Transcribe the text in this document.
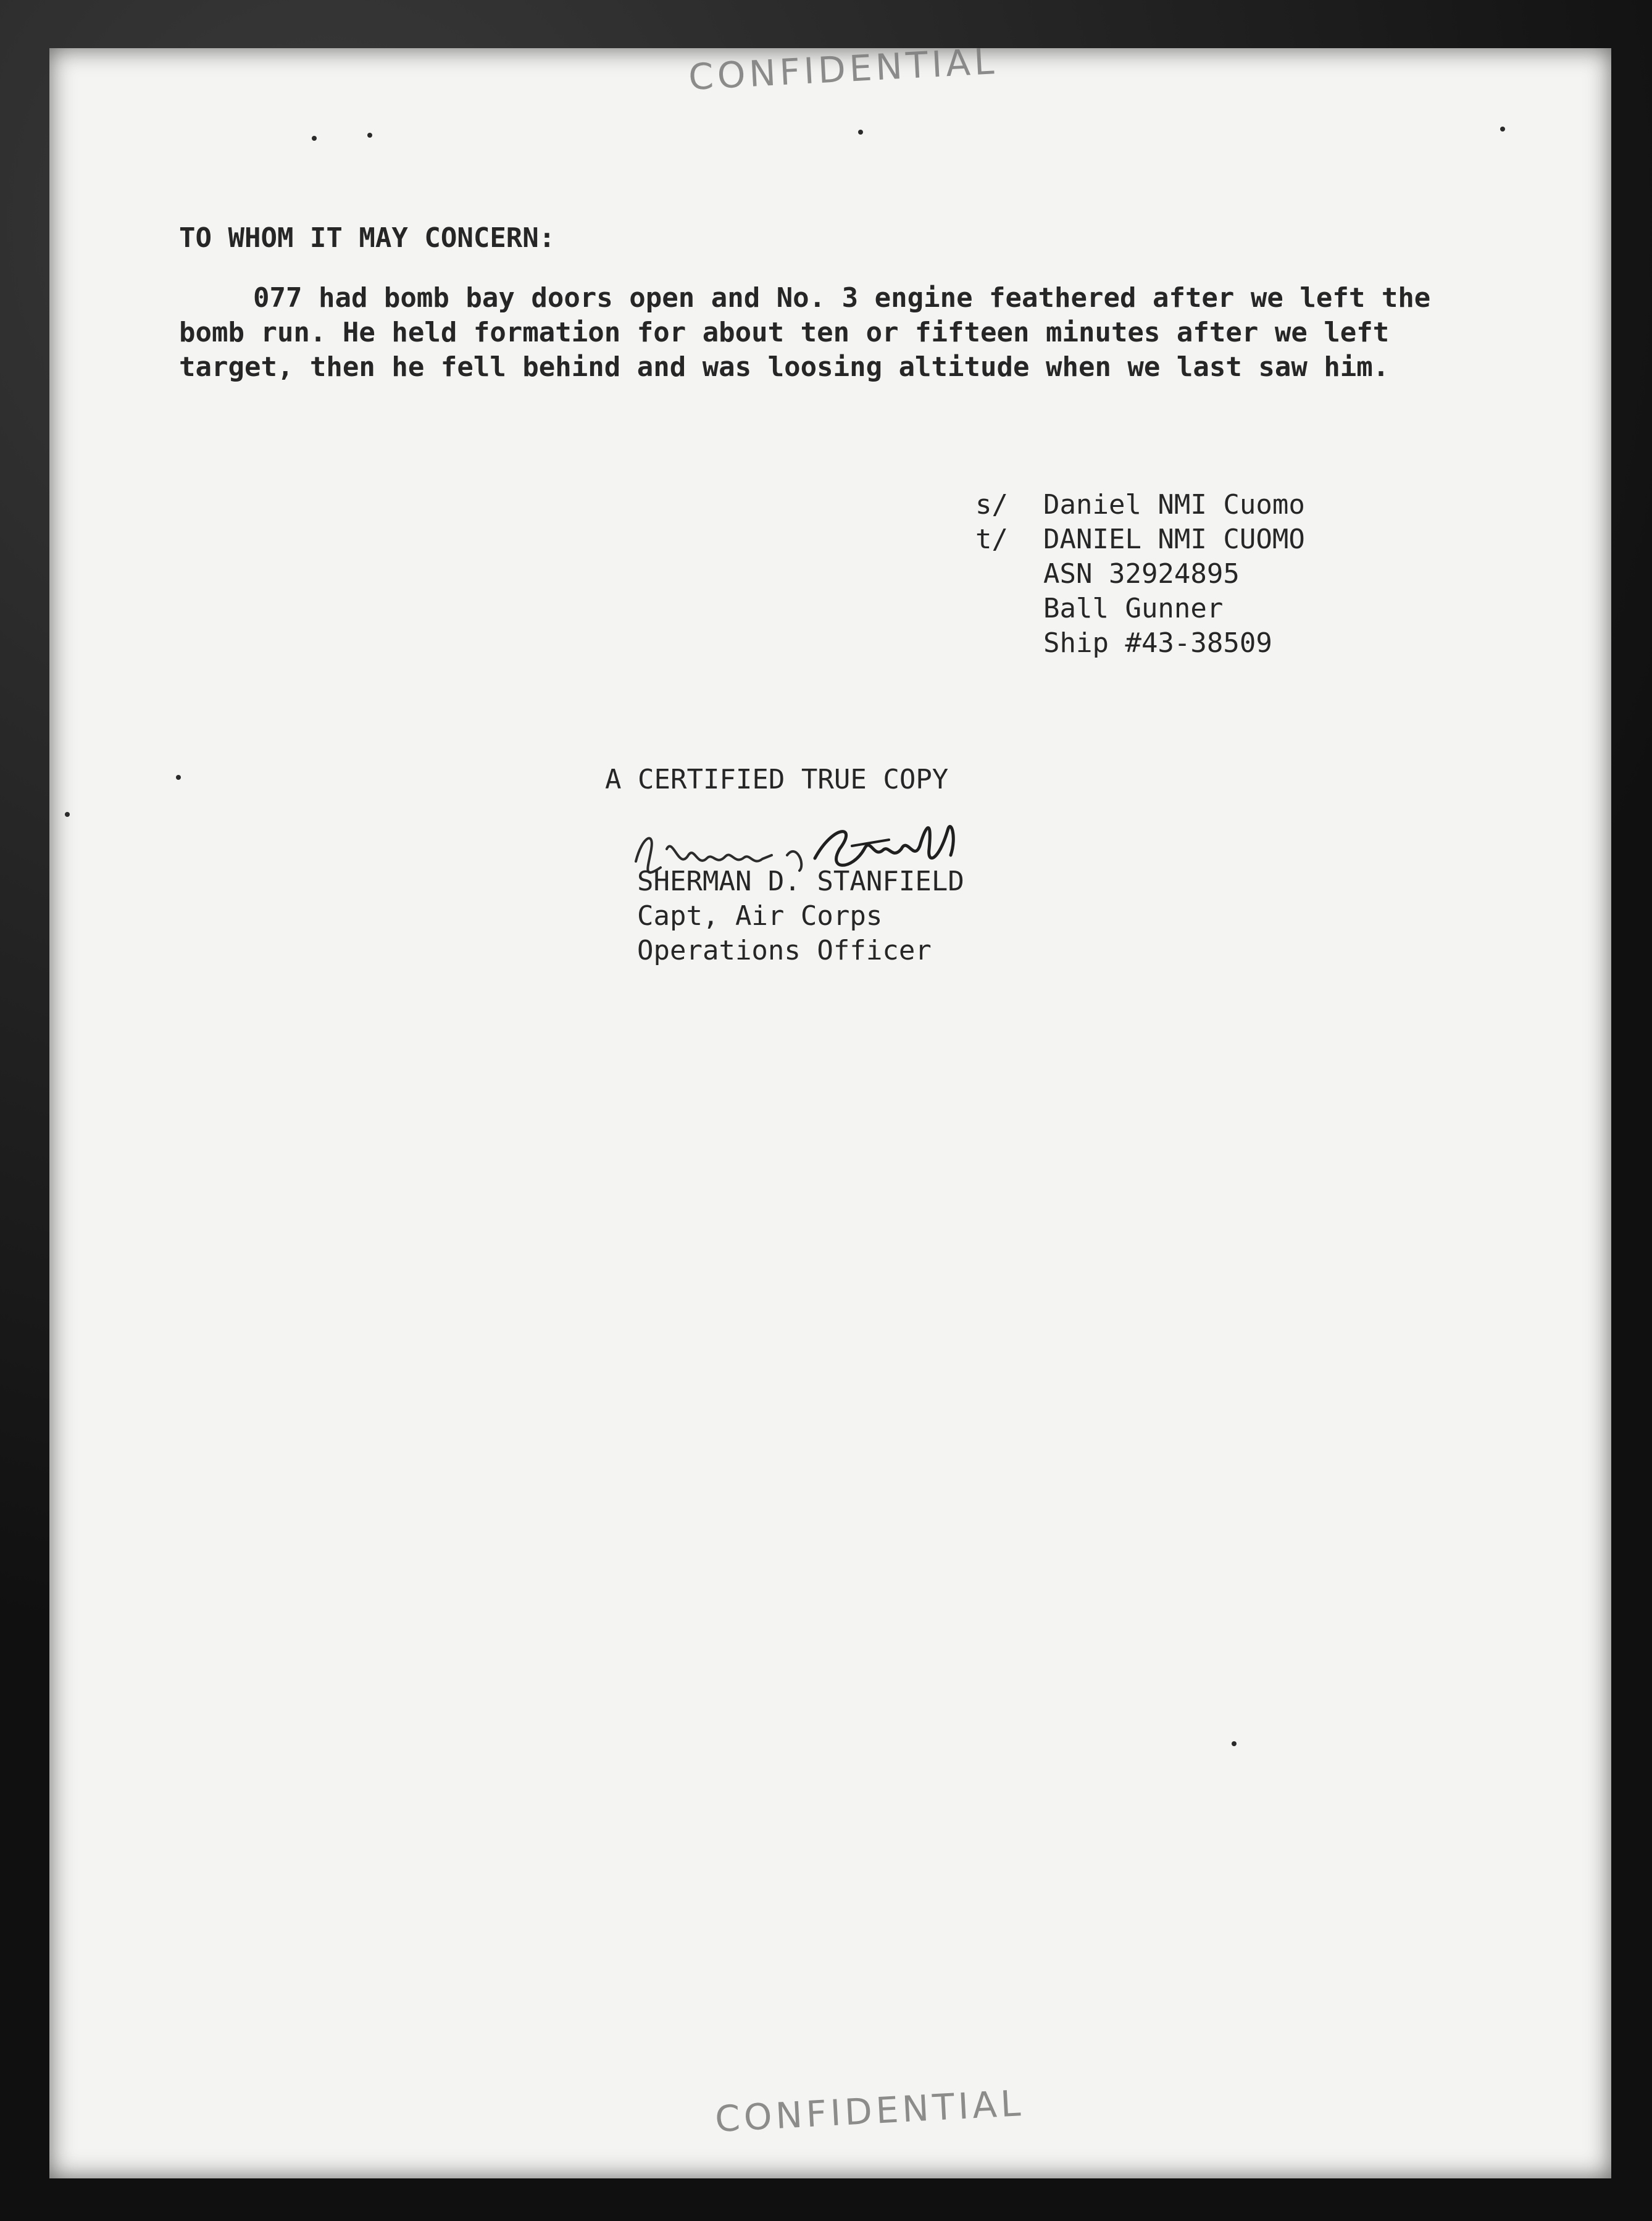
CONFIDENTIAL
TO WHOM IT MAY CONCERN:
077 had bomb bay doors open and No. 3 engine feathered after we left the
bomb run. He held formation for about ten or fifteen minutes after we left
target, then he fell behind and was loosing altitude when we last saw him.
s/ Daniel NMI Cuomo
t/ DANIEL NMI CUOMO
ASN 32924895
Ball Gunner
Ship #43-38509
A CERTIFIED TRUE COPY
SHERMAN D. STANFIELD
Capt, Air Corps
Operations Officer
CONFIDENTIAL
